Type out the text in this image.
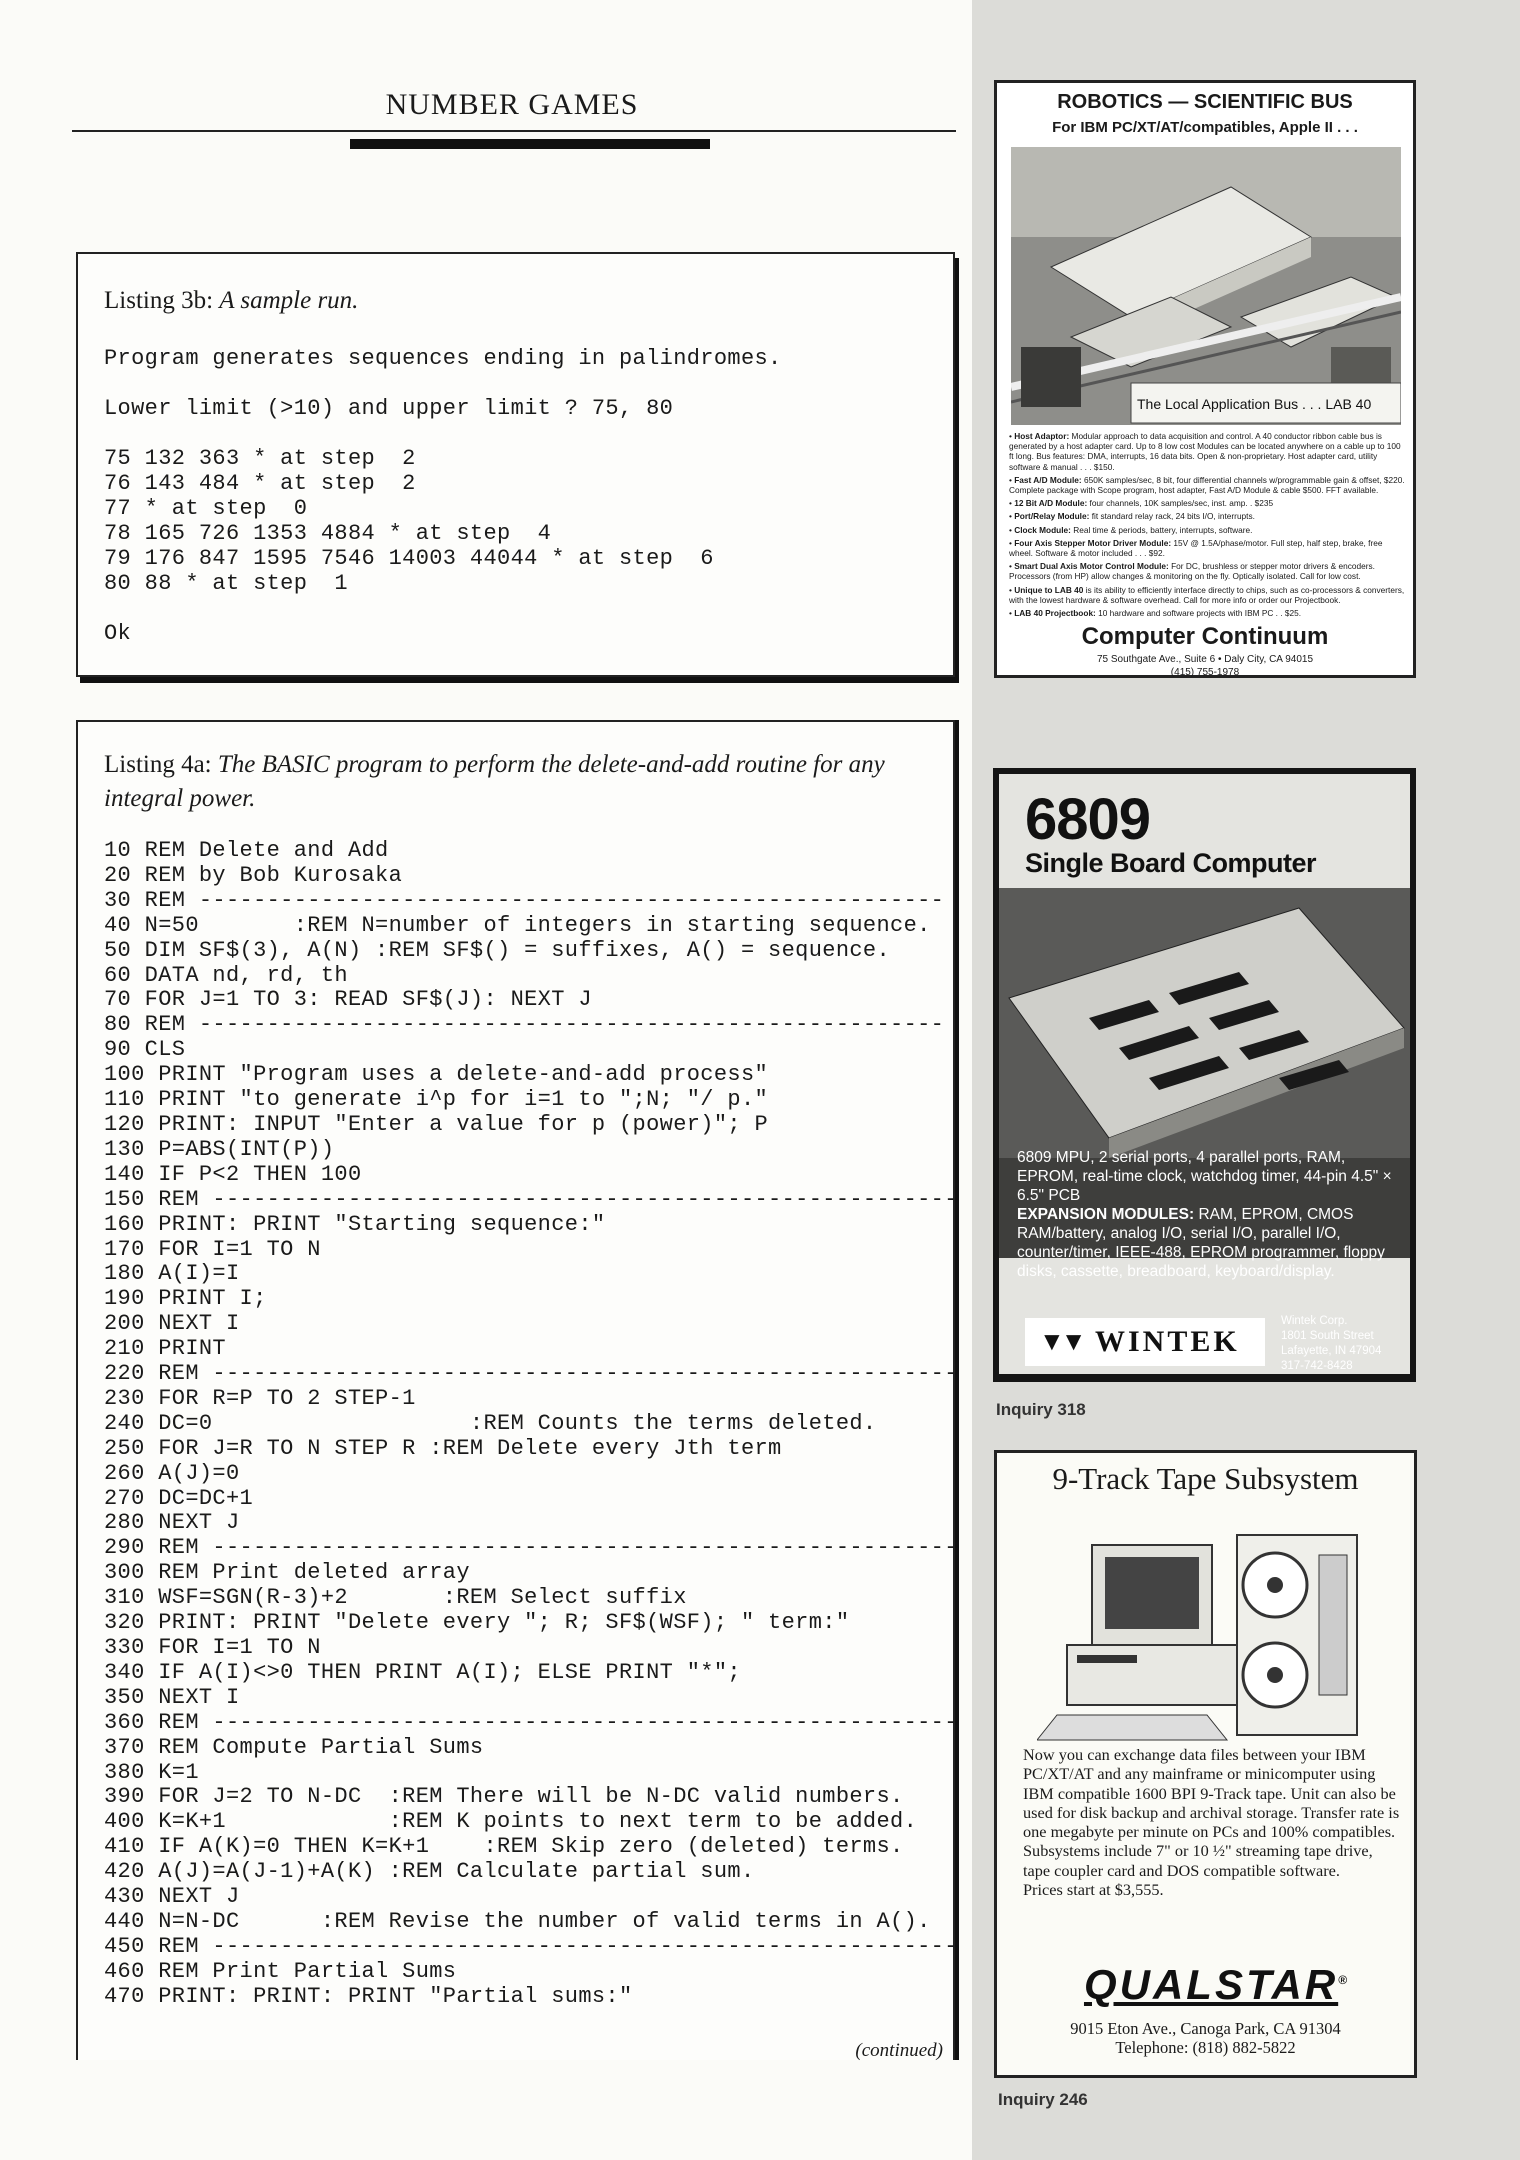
NUMBER GAMES
Listing 3b: A sample run.
Program generates sequences ending in palindromes.

Lower limit (>10) and upper limit ? 75, 80

75 132 363 * at step  2
76 143 484 * at step  2
77 * at step  0
78 165 726 1353 4884 * at step  4
79 176 847 1595 7546 14003 44044 * at step  6
80 88 * at step  1

Ok
Listing 4a: The BASIC program to perform the delete-and-add routine for any integral power.
10 REM Delete and Add
20 REM by Bob Kurosaka
30 REM -------------------------------------------------------
40 N=50       :REM N=number of integers in starting sequence.
50 DIM SF$(3), A(N) :REM SF$() = suffixes, A() = sequence.
60 DATA nd, rd, th
70 FOR J=1 TO 3: READ SF$(J): NEXT J
80 REM -------------------------------------------------------
90 CLS
100 PRINT "Program uses a delete-and-add process"
110 PRINT "to generate i^p for i=1 to ";N; "/ p."
120 PRINT: INPUT "Enter a value for p (power)"; P
130 P=ABS(INT(P))
140 IF P<2 THEN 100
150 REM -------------------------------------------------------
160 PRINT: PRINT "Starting sequence:"
170 FOR I=1 TO N
180 A(I)=I
190 PRINT I;
200 NEXT I
210 PRINT
220 REM -------------------------------------------------------
230 FOR R=P TO 2 STEP-1
240 DC=0                   :REM Counts the terms deleted.
250 FOR J=R TO N STEP R :REM Delete every Jth term
260 A(J)=0
270 DC=DC+1
280 NEXT J
290 REM -------------------------------------------------------
300 REM Print deleted array
310 WSF=SGN(R-3)+2       :REM Select suffix
320 PRINT: PRINT "Delete every "; R; SF$(WSF); " term:"
330 FOR I=1 TO N
340 IF A(I)<>0 THEN PRINT A(I); ELSE PRINT "*";
350 NEXT I
360 REM -------------------------------------------------------
370 REM Compute Partial Sums
380 K=1
390 FOR J=2 TO N-DC  :REM There will be N-DC valid numbers.
400 K=K+1            :REM K points to next term to be added.
410 IF A(K)=0 THEN K=K+1    :REM Skip zero (deleted) terms.
420 A(J)=A(J-1)+A(K) :REM Calculate partial sum.
430 NEXT J
440 N=N-DC      :REM Revise the number of valid terms in A().
450 REM -------------------------------------------------------
460 REM Print Partial Sums
470 PRINT: PRINT: PRINT "Partial sums:"
(continued)
ROBOTICS — SCIENTIFIC BUS
For IBM PC/XT/AT/compatibles, Apple II . . .
The Local Application Bus . . . LAB 40
• Host Adaptor: Modular approach to data acquisition and control. A 40 conductor ribbon cable bus is generated by a host adapter card. Up to 8 low cost Modules can be located anywhere on a cable up to 100 ft long. Bus features: DMA, interrupts, 16 data bits. Open & non-proprietary. Host adapter card, utility software & manual . . . $150.
• Fast A/D Module: 650K samples/sec, 8 bit, four differential channels w/programmable gain & offset, $220. Complete package with Scope program, host adapter, Fast A/D Module & cable $500. FFT available.
• 12 Bit A/D Module: four channels, 10K samples/sec, inst. amp. . $235
• Port/Relay Module: fit standard relay rack, 24 bits I/O, interrupts.
• Clock Module: Real time & periods, battery, interrupts, software.
• Four Axis Stepper Motor Driver Module: 15V @ 1.5A/phase/motor. Full step, half step, brake, free wheel. Software & motor included . . . $92.
• Smart Dual Axis Motor Control Module: For DC, brushless or stepper motor drivers & encoders. Processors (from HP) allow changes & monitoring on the fly. Optically isolated. Call for low cost.
• Unique to LAB 40 is its ability to efficiently interface directly to chips, such as co-processors & converters, with the lowest hardware & software overhead. Call for more info or order our Projectbook.
• LAB 40 Projectbook: 10 hardware and software projects with IBM PC . . $25.
Computer Continuum
75 Southgate Ave., Suite 6 • Daly City, CA 94015
(415) 755-1978
6809
Single Board Computer
6809 MPU, 2 serial ports, 4 parallel ports, RAM, EPROM, real-time clock, watchdog timer, 44-pin 4.5" × 6.5" PCB
EXPANSION MODULES: RAM, EPROM, CMOS RAM/battery, analog I/O, serial I/O, parallel I/O, counter/timer, IEEE-488, EPROM programmer, floppy disks, cassette, breadboard, keyboard/display.
▼▼ WINTEK
Wintek Corp.
1801 South Street
Lafayette, IN 47904
317-742-8428
Inquiry 318
9-Track Tape Subsystem
Now you can exchange data files between your IBM PC/XT/AT and any mainframe or minicomputer using IBM compatible 1600 BPI 9-Track tape. Unit can also be used for disk backup and archival storage. Transfer rate is one megabyte per minute on PCs and 100% compatibles. Subsystems include 7" or 10 ½" streaming tape drive, tape coupler card and DOS compatible software.
Prices start at $3,555.
QUALSTAR®
9015 Eton Ave., Canoga Park, CA 91304
Telephone: (818) 882-5822
Inquiry 246
